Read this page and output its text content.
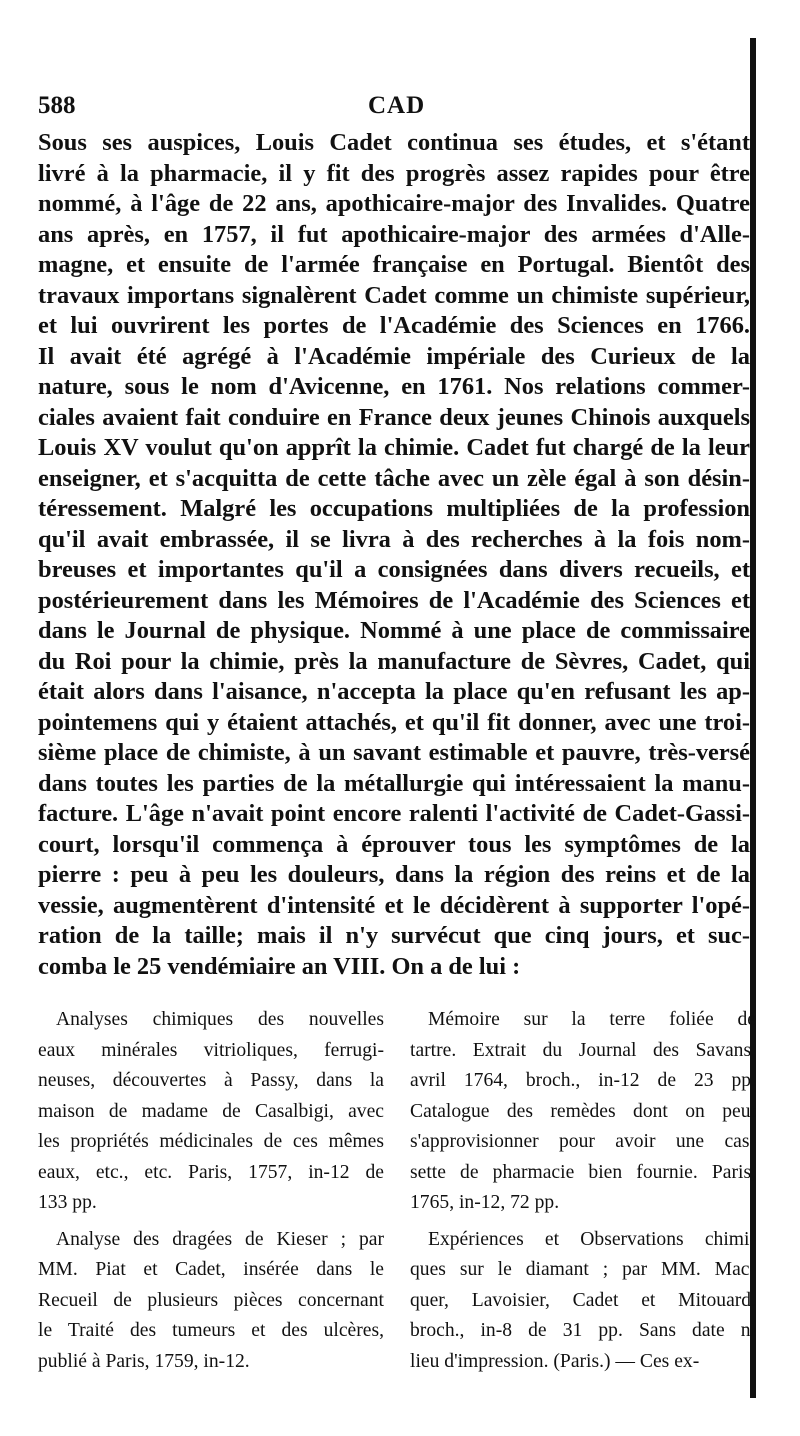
588	CAD
Sous ses auspices, Louis Cadet continua ses études, et s'étant
livré à la pharmacie, il y fit des progrès assez rapides pour être
nommé, à l'âge de 22 ans, apothicaire-major des Invalides. Quatre
ans après, en 1757, il fut apothicaire-major des armées d'Alle-
magne, et ensuite de l'armée française en Portugal. Bientôt des
travaux importans signalèrent Cadet comme un chimiste supérieur,
et lui ouvrirent les portes de l'Académie des Sciences en 1766.
Il avait été agrégé à l'Académie impériale des Curieux de la
nature, sous le nom d'Avicenne, en 1761. Nos relations commer-
ciales avaient fait conduire en France deux jeunes Chinois auxquels
Louis XV voulut qu'on apprît la chimie. Cadet fut chargé de la leur
enseigner, et s'acquitta de cette tâche avec un zèle égal à son désin-
téressement. Malgré les occupations multipliées de la profession
qu'il avait embrassée, il se livra à des recherches à la fois nom-
breuses et importantes qu'il a consignées dans divers recueils, et
postérieurement dans les Mémoires de l'Académie des Sciences et
dans le Journal de physique. Nommé à une place de commissaire
du Roi pour la chimie, près la manufacture de Sèvres, Cadet, qui
était alors dans l'aisance, n'accepta la place qu'en refusant les ap-
pointemens qui y étaient attachés, et qu'il fit donner, avec une troi-
sième place de chimiste, à un savant estimable et pauvre, très-versé
dans toutes les parties de la métallurgie qui intéressaient la manu-
facture. L'âge n'avait point encore ralenti l'activité de Cadet-Gassi-
court, lorsqu'il commença à éprouver tous les symptômes de la
pierre : peu à peu les douleurs, dans la région des reins et de la
vessie, augmentèrent d'intensité et le décidèrent à supporter l'opé-
ration de la taille; mais il n'y survécut que cinq jours, et suc-
comba le 25 vendémiaire an VIII. On a de lui :
Analyses chimiques des nouvelles
eaux minérales vitrioliques, ferrugi-
neuses, découvertes à Passy, dans la
maison de madame de Casalbigi, avec
les propriétés médicinales de ces mêmes
eaux, etc., etc. Paris, 1757, in-12 de
133 pp.
Analyse des dragées de Kieser ; par
MM. Piat et Cadet, insérée dans le
Recueil de plusieurs pièces concernant
le Traité des tumeurs et des ulcères,
publié à Paris, 1759, in-12.
Mémoire sur la terre foliée de
tartre. Extrait du Journal des Savans,
avril 1764, broch., in-12 de 23 pp.
Catalogue des remèdes dont on peut
s'approvisionner pour avoir une cas-
sette de pharmacie bien fournie. Paris,
1765, in-12, 72 pp.
Expériences et Observations chimi-
ques sur le diamant ; par MM. Mac-
quer, Lavoisier, Cadet et Mitouard.
broch., in-8 de 31 pp. Sans date ni
lieu d'impression. (Paris.) — Ces ex-
